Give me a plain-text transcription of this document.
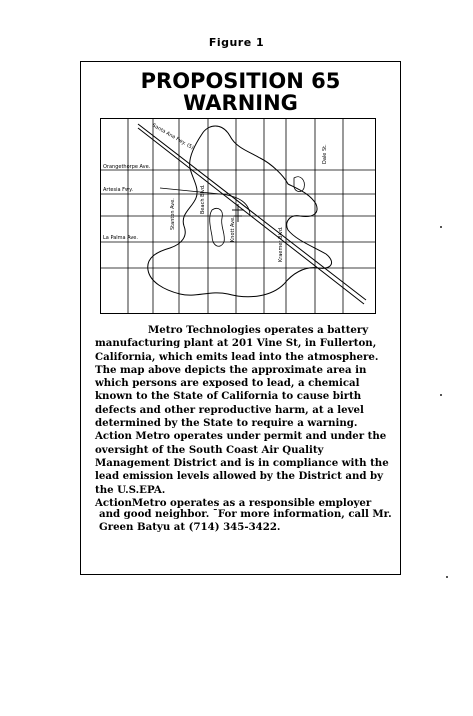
Figure 1
PROPOSITION 65
WARNING
Santa Ana Fwy. (5)
Orangethorpe Ave.
Artesia Fwy.
La Palma Ave.
Stanton Ave.	Beach Blvd.
Knott Ave.	Kraemer Blvd.
Dale St.

Metro Technologies operates a battery manufacturing plant at 201 Vine St, in Fullerton, California, which emits lead into the atmosphere. The map above depicts the approximate area in which persons are exposed to lead, a chemical known to the State of California to cause birth defects and other reproductive harm, at a level determined by the State to require a warning.

Action Metro operates under permit and under the oversight of the South Coast Air Quality Management District and is in compliance with the lead emission levels allowed by the District and by the U.S.EPA.

ActionMetro operates as a responsible employer

and good neighbor. ¯For more information, call Mr. Green Batyu at (714) 345-3422.
